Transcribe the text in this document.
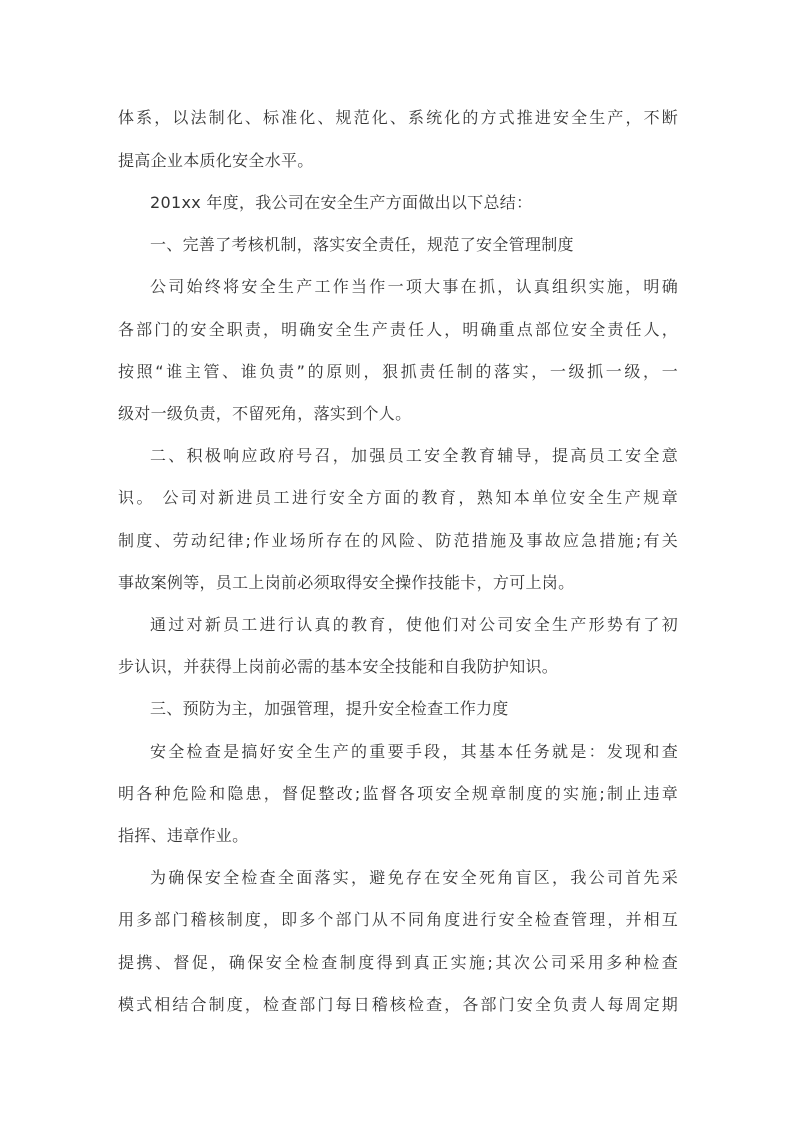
体系，以法制化、标准化、规范化、系统化的方式推进安全生产，不断
提高企业本质化安全水平。
201xx 年度，我公司在安全生产方面做出以下总结：
一、完善了考核机制，落实安全责任，规范了安全管理制度
公司始终将安全生产工作当作一项大事在抓，认真组织实施，明确
各部门的安全职责，明确安全生产责任人，明确重点部位安全责任人，
按照“谁主管、谁负责”的原则，狠抓责任制的落实，一级抓一级，一
级对一级负责，不留死角，落实到个人。
二、积极响应政府号召，加强员工安全教育辅导，提高员工安全意
识。 公司对新进员工进行安全方面的教育，熟知本单位安全生产规章
制度、劳动纪律;作业场所存在的风险、防范措施及事故应急措施;有关
事故案例等，员工上岗前必须取得安全操作技能卡，方可上岗。
通过对新员工进行认真的教育，使他们对公司安全生产形势有了初
步认识，并获得上岗前必需的基本安全技能和自我防护知识。
三、预防为主，加强管理，提升安全检查工作力度
安全检查是搞好安全生产的重要手段，其基本任务就是：发现和查
明各种危险和隐患，督促整改;监督各项安全规章制度的实施;制止违章
指挥、违章作业。
为确保安全检查全面落实，避免存在安全死角盲区，我公司首先采
用多部门稽核制度，即多个部门从不同角度进行安全检查管理，并相互
提携、督促，确保安全检查制度得到真正实施;其次公司采用多种检查
模式相结合制度，检查部门每日稽核检查，各部门安全负责人每周定期
